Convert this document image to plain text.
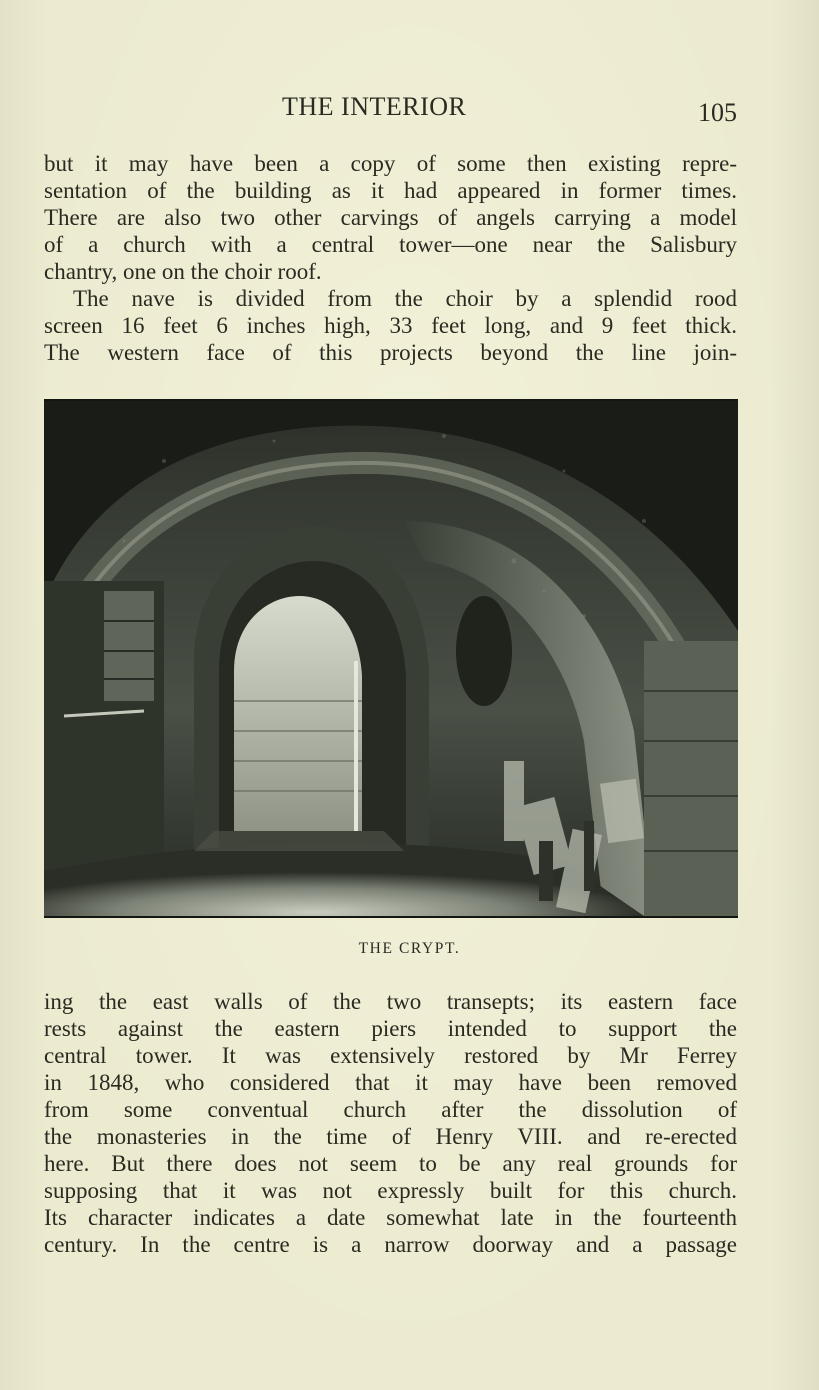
THE INTERIOR	105

but it may have been a copy of some then existing repre-
sentation of the building as it had appeared in former times.
There are also two other carvings of angels carrying a model
of a church with a central tower—one near the Salisbury
chantry, one on the choir roof.

The nave is divided from the choir by a splendid rood
screen 16 feet 6 inches high, 33 feet long, and 9 feet thick.
The western face of this projects beyond the line join-

THE CRYPT.

ing the east walls of the two transepts; its eastern face
rests against the eastern piers intended to support the
central tower. It was extensively restored by Mr Ferrey
in 1848, who considered that it may have been removed
from some conventual church after the dissolution of
the monasteries in the time of Henry VIII. and re-erected
here. But there does not seem to be any real grounds for
supposing that it was not expressly built for this church.
Its character indicates a date somewhat late in the fourteenth
century. In the centre is a narrow doorway and a passage
